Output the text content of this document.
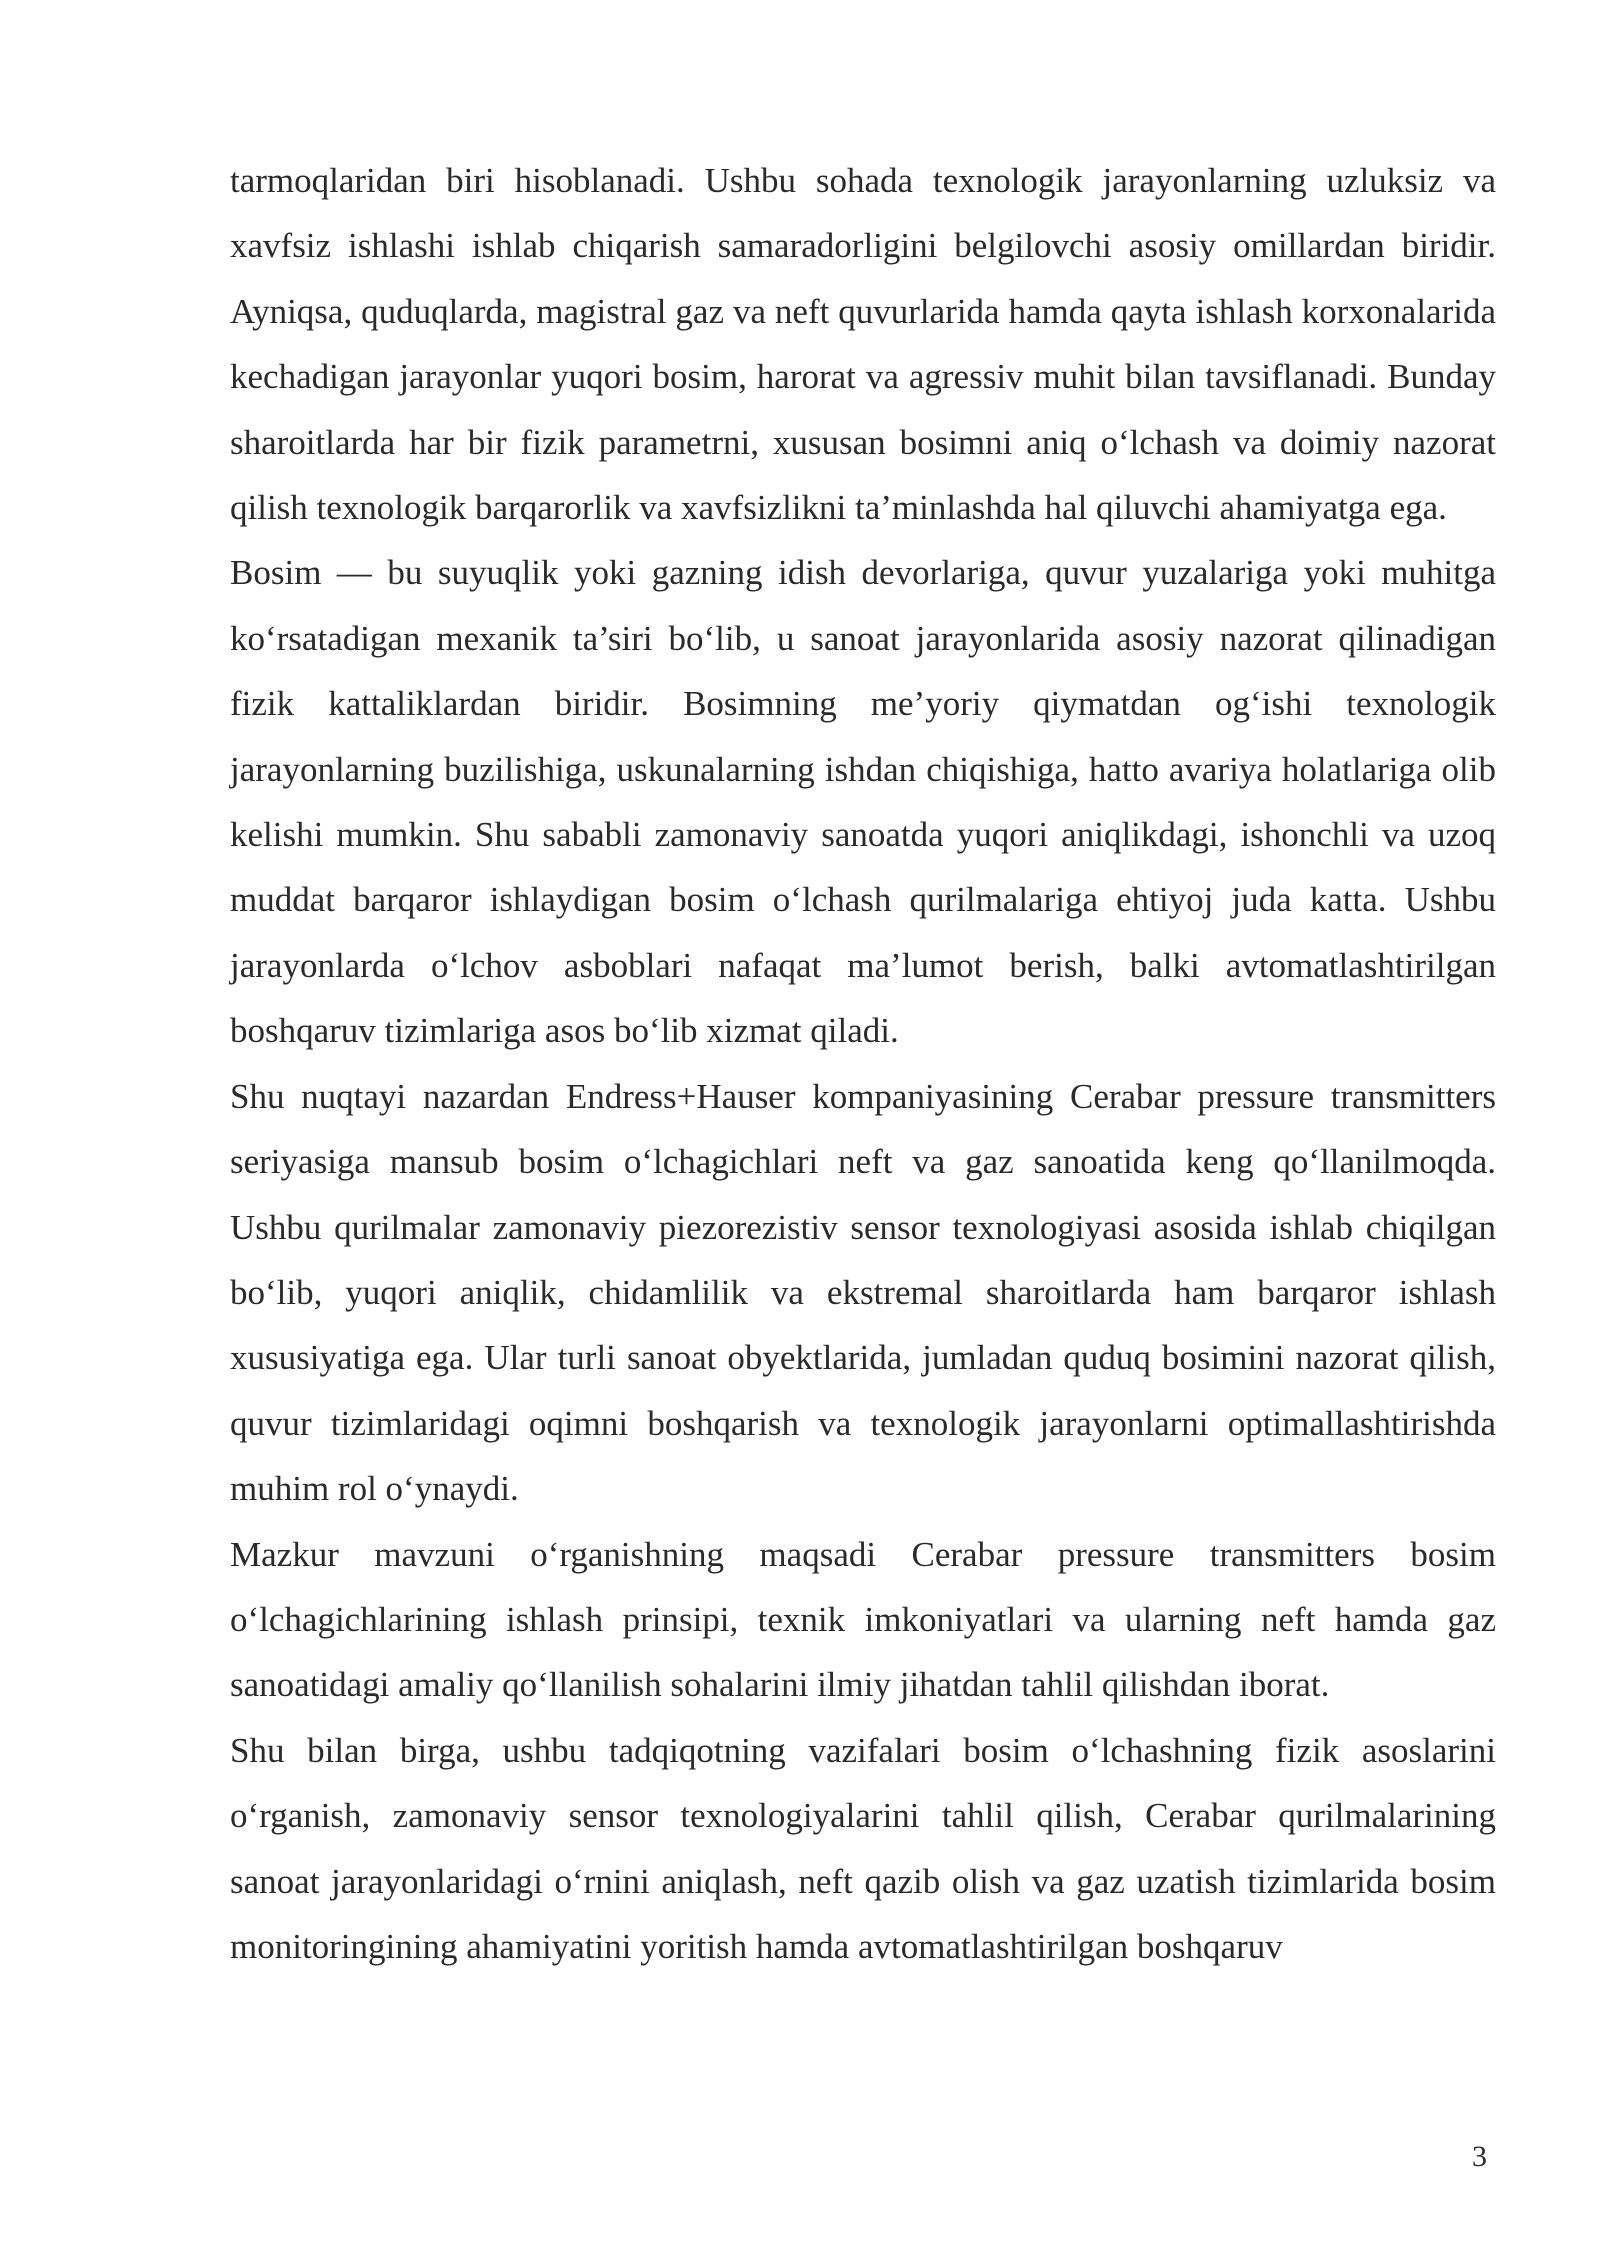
tarmoqlaridan biri hisoblanadi. Ushbu sohada texnologik jarayonlarning uzluksiz va xavfsiz ishlashi ishlab chiqarish samaradorligini belgilovchi asosiy omillardan biridir. Ayniqsa, quduqlarda, magistral gaz va neft quvurlarida hamda qayta ishlash korxonalarida kechadigan jarayonlar yuqori bosim, harorat va agressiv muhit bilan tavsiflanadi. Bunday sharoitlarda har bir fizik parametrni, xususan bosimni aniq o‘lchash va doimiy nazorat qilish texnologik barqarorlik va xavfsizlikni ta’minlashda hal qiluvchi ahamiyatga ega.

Bosim — bu suyuqlik yoki gazning idish devorlariga, quvur yuzalariga yoki muhitga ko‘rsatadigan mexanik ta’siri bo‘lib, u sanoat jarayonlarida asosiy nazorat qilinadigan fizik kattaliklardan biridir. Bosimning me’yoriy qiymatdan og‘ishi texnologik jarayonlarning buzilishiga, uskunalarning ishdan chiqishiga, hatto avariya holatlariga olib kelishi mumkin. Shu sababli zamonaviy sanoatda yuqori aniqlikdagi, ishonchli va uzoq muddat barqaror ishlaydigan bosim o‘lchash qurilmalariga ehtiyoj juda katta. Ushbu jarayonlarda o‘lchov asboblari nafaqat ma’lumot berish, balki avtomatlashtirilgan boshqaruv tizimlariga asos bo‘lib xizmat qiladi.

Shu nuqtayi nazardan Endress+Hauser kompaniyasining Cerabar pressure transmitters seriyasiga mansub bosim o‘lchagichlari neft va gaz sanoatida keng qo‘llanilmoqda. Ushbu qurilmalar zamonaviy piezorezistiv sensor texnologiyasi asosida ishlab chiqilgan bo‘lib, yuqori aniqlik, chidamlilik va ekstremal sharoitlarda ham barqaror ishlash xususiyatiga ega. Ular turli sanoat obyektlarida, jumladan quduq bosimini nazorat qilish, quvur tizimlaridagi oqimni boshqarish va texnologik jarayonlarni optimallashtirishda muhim rol o‘ynaydi.

Mazkur mavzuni o‘rganishning maqsadi Cerabar pressure transmitters bosim o‘lchagichlarining ishlash prinsipi, texnik imkoniyatlari va ularning neft hamda gaz sanoatidagi amaliy qo‘llanilish sohalarini ilmiy jihatdan tahlil qilishdan iborat.

Shu bilan birga, ushbu tadqiqotning vazifalari bosim o‘lchashning fizik asoslarini o‘rganish, zamonaviy sensor texnologiyalarini tahlil qilish, Cerabar qurilmalarining sanoat jarayonlaridagi o‘rnini aniqlash, neft qazib olish va gaz uzatish tizimlarida bosim monitoringining ahamiyatini yoritish hamda avtomatlashtirilgan boshqaruv

3
